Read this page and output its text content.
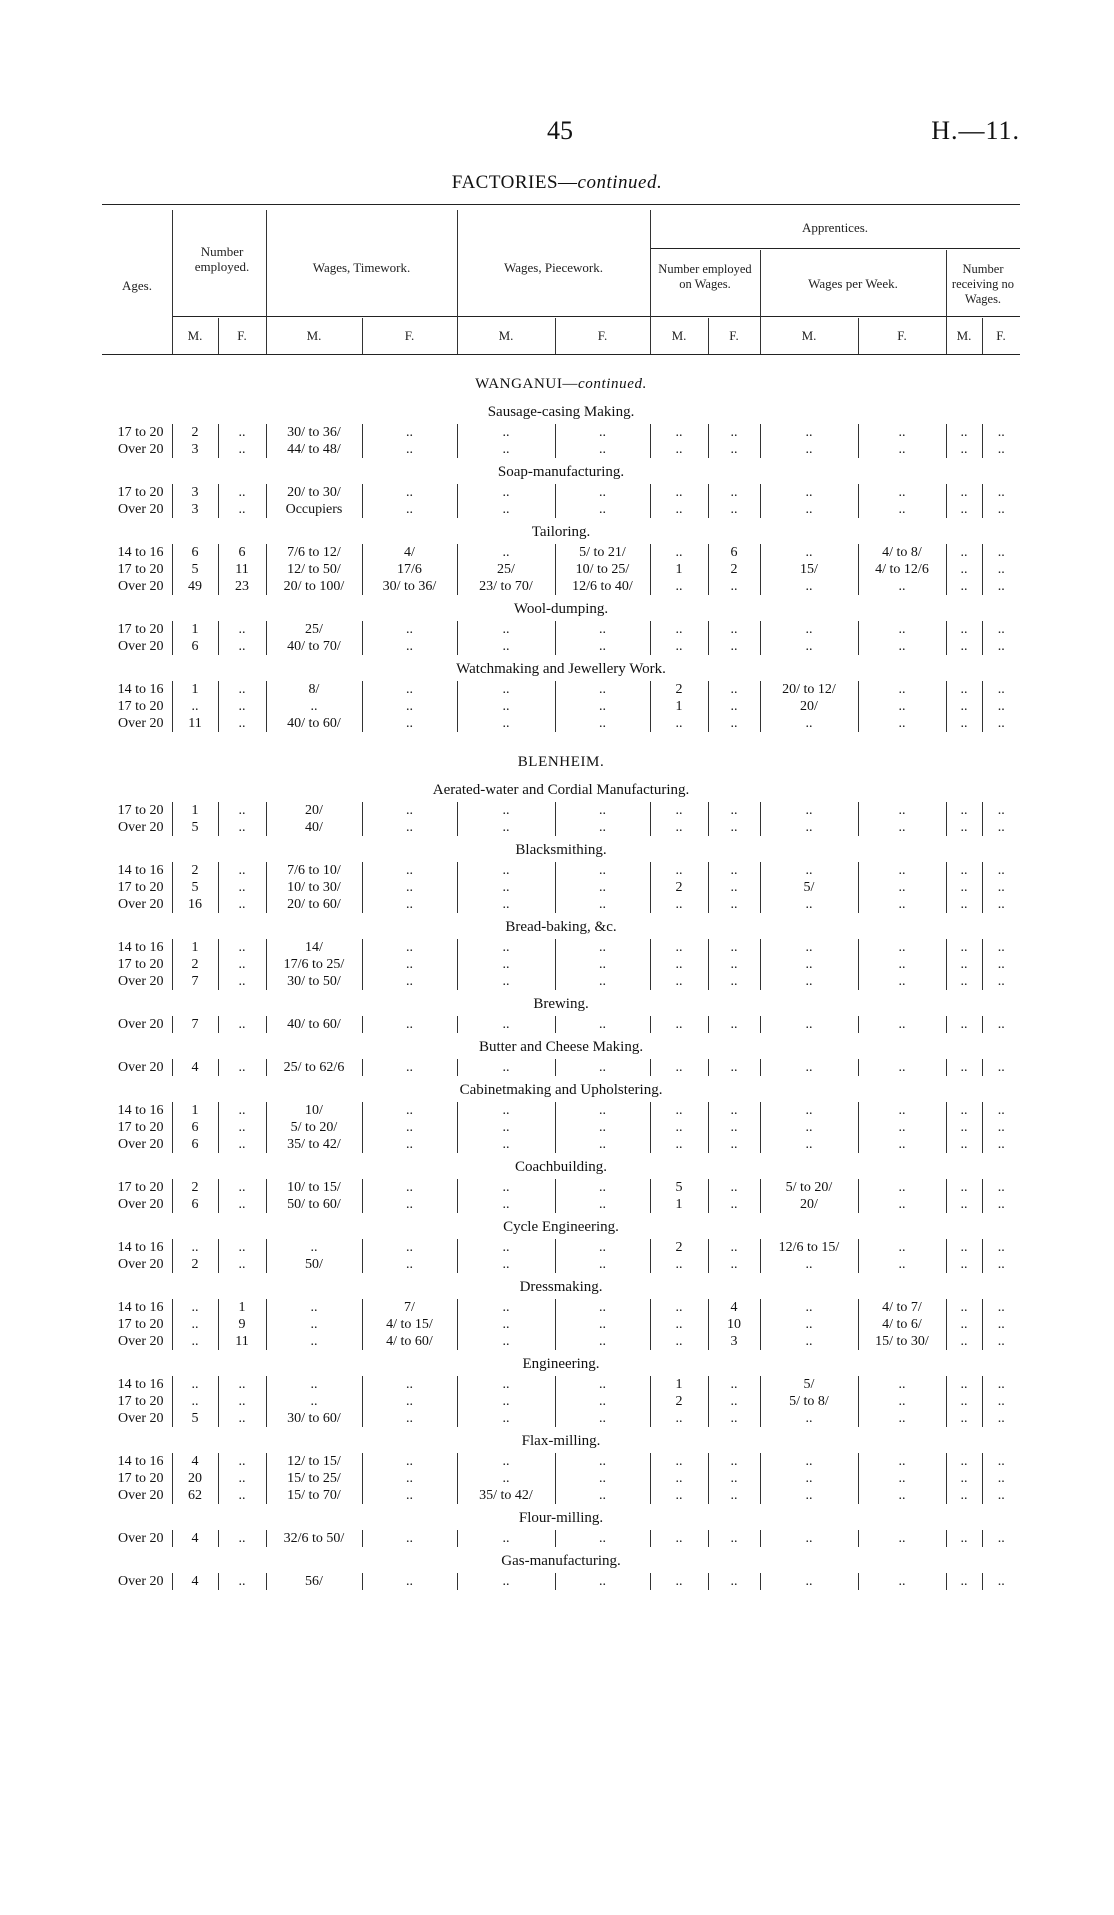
45	H.—11.
FACTORIES—continued.
Ages.
Number employed.	Wages, Timework.	Wages, Piecework.
Apprentices.
Number employed on Wages.	Wages per Week.
Number receiving no Wages.
M.	F.	M.	F.	M.	F.	M.	F.	M.	F.	M.	F.
WANGANUI—continued.												
Sausage-casing Making.												
17 to 20	2	..	30/ to 36/	..	..	..	..	..	..	..	..	..
Over 20	3	..	44/ to 48/	..	..	..	..	..	..	..	..	..
Soap-manufacturing.												
17 to 20	3	..	20/ to 30/	..	..	..	..	..	..	..	..	..
Over 20	3	..	Occupiers	..	..	..	..	..	..	..	..	..
Tailoring.												
14 to 16	6	6	7/6 to 12/	4/	..	5/ to 21/	..	6	..	4/ to 8/	..	..
17 to 20	5	11	12/ to 50/	17/6	25/	10/ to 25/	1	2	15/	4/ to 12/6	..	..
Over 20	49	23	20/ to 100/	30/ to 36/	23/ to 70/	12/6 to 40/	..	..	..	..	..	..
Wool-dumping.												
17 to 20	1	..	25/	..	..	..	..	..	..	..	..	..
Over 20	6	..	40/ to 70/	..	..	..	..	..	..	..	..	..
Watchmaking and Jewellery Work.												
14 to 16	1	..	8/	..	..	..	2	..	20/ to 12/	..	..	..
17 to 20	..	..	..	..	..	..	1	..	20/	..	..	..
Over 20	11	..	40/ to 60/	..	..	..	..	..	..	..	..	..

BLENHEIM.												
Aerated-water and Cordial Manufacturing.												
17 to 20	1	..	20/	..	..	..	..	..	..	..	..	..
Over 20	5	..	40/	..	..	..	..	..	..	..	..	..
Blacksmithing.												
14 to 16	2	..	7/6 to 10/	..	..	..	..	..	..	..	..	..
17 to 20	5	..	10/ to 30/	..	..	..	2	..	5/	..	..	..
Over 20	16	..	20/ to 60/	..	..	..	..	..	..	..	..	..
Bread-baking, &c.												
14 to 16	1	..	14/	..	..	..	..	..	..	..	..	..
17 to 20	2	..	17/6 to 25/	..	..	..	..	..	..	..	..	..
Over 20	7	..	30/ to 50/	..	..	..	..	..	..	..	..	..
Brewing.												
Over 20	7	..	40/ to 60/	..	..	..	..	..	..	..	..	..
Butter and Cheese Making.												
Over 20	4	..	25/ to 62/6	..	..	..	..	..	..	..	..	..
Cabinetmaking and Upholstering.												
14 to 16	1	..	10/	..	..	..	..	..	..	..	..	..
17 to 20	6	..	5/ to 20/	..	..	..	..	..	..	..	..	..
Over 20	6	..	35/ to 42/	..	..	..	..	..	..	..	..	..
Coachbuilding.												
17 to 20	2	..	10/ to 15/	..	..	..	5	..	5/ to 20/	..	..	..
Over 20	6	..	50/ to 60/	..	..	..	1	..	20/	..	..	..
Cycle Engineering.												
14 to 16	..	..	..	..	..	..	2	..	12/6 to 15/	..	..	..
Over 20	2	..	50/	..	..	..	..	..	..	..	..	..
Dressmaking.												
14 to 16	..	1	..	7/	..	..	..	4	..	4/ to 7/	..	..
17 to 20	..	9	..	4/ to 15/	..	..	..	10	..	4/ to 6/	..	..
Over 20	..	11	..	4/ to 60/	..	..	..	3	..	15/ to 30/	..	..
Engineering.												
14 to 16	..	..	..	..	..	..	1	..	5/	..	..	..
17 to 20	..	..	..	..	..	..	2	..	5/ to 8/	..	..	..
Over 20	5	..	30/ to 60/	..	..	..	..	..	..	..	..	..
Flax-milling.												
14 to 16	4	..	12/ to 15/	..	..	..	..	..	..	..	..	..
17 to 20	20	..	15/ to 25/	..	..	..	..	..	..	..	..	..
Over 20	62	..	15/ to 70/	..	35/ to 42/	..	..	..	..	..	..	..
Flour-milling.												
Over 20	4	..	32/6 to 50/	..	..	..	..	..	..	..	..	..
Gas-manufacturing.												
Over 20	4	..	56/	..	..	..	..	..	..	..	..	..
